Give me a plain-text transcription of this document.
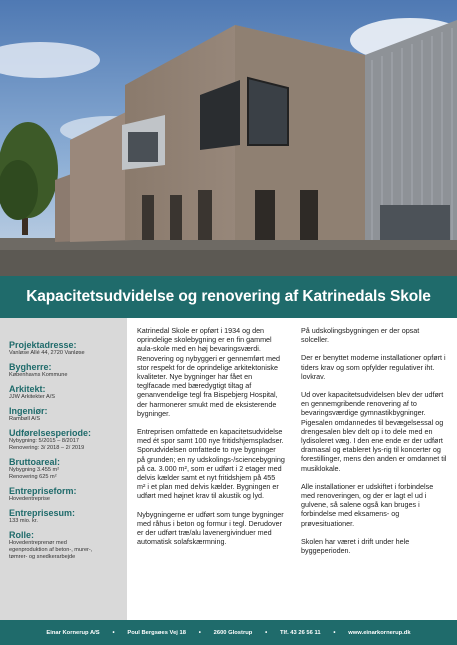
Kapacitetsudvidelse og renovering af Katrinedals Skole
Projektadresse:
Vanløse Allé 44, 2720 Vanløse
Bygherre:
Københavns Kommune
Arkitekt:
JJW Arkitekter A/S
Ingeniør:
Rambøll A/S
Udførelsesperiode:
Nybygning: 5/2015 – 8/2017
Renovering: 3/ 2018 – 2/ 2019
Bruttoareal:
Nybygning 3.455 m²
Renovering 625 m²
Entrepriseform:
Hovedentreprise
Entreprisesum:
133 mio. kr.
Rolle:
Hovedentreprenør med
egenproduktion af beton-, murer-,
tømrer- og snedkerarbejde

Katrinedal Skole er opført i 1934 og den oprindelige skolebygning er en fin gammel aula-skole med en høj bevaringsværdi. Renovering og nybyggeri er gennemført med stor respekt for de oprindelige arkitektoniske kvaliteter. Nye bygninger har fået en teglfacade med bæredygtigt tiltag af genanvendelige tegl fra Bispebjerg Hospital, der harmonerer smukt med de eksisterende bygninger.

Entreprisen omfattede en kapacitetsudvidelse med ét spor samt 100 nye fritidshjemspladser. Sporudvidelsen omfattede to nye bygninger på grunden; en ny udskolings-/sciencebygning på ca. 3.000 m², som er udført i 2 etager med delvis kælder samt et nyt fritidshjem på 455 m² i et plan med delvis kælder. Bygningen er udført med højnet krav til akustik og lyd.

Nybygningerne er udført som tunge bygninger med råhus i beton og formur i tegl. Derudover er der udført træ/alu lavenergivinduer med automatisk solafskærmning.

På udskolingsbygningen er der opsat solceller.

Der er benyttet moderne installationer opført i tiders krav og som opfylder regulativer iht. lovkrav.

Ud over kapacitetsudvidelsen blev der udført en gennemgribende renovering af to bevaringsværdige gymnastikbygninger. Pigesalen omdannedes til bevægelsessal og drengesalen blev delt op i to dele med en lydisoleret væg. I den ene ende er der udført dramasal og etableret lys-rig til koncerter og forestillinger, mens den anden er omdannet til musiklokale.

Alle installationer er udskiftet i forbindelse med renoveringen, og der er lagt el ud i gulvene, så salene også kan bruges i forbindelse med eksamens- og prøvesituationer.

Skolen har været i drift under hele byggeperioden.

Einar Kornerup A/S • Poul Bergsøes Vej 18 • 2600 Glostrup • Tlf. 43 26 56 11 • www.einarkornerup.dk
